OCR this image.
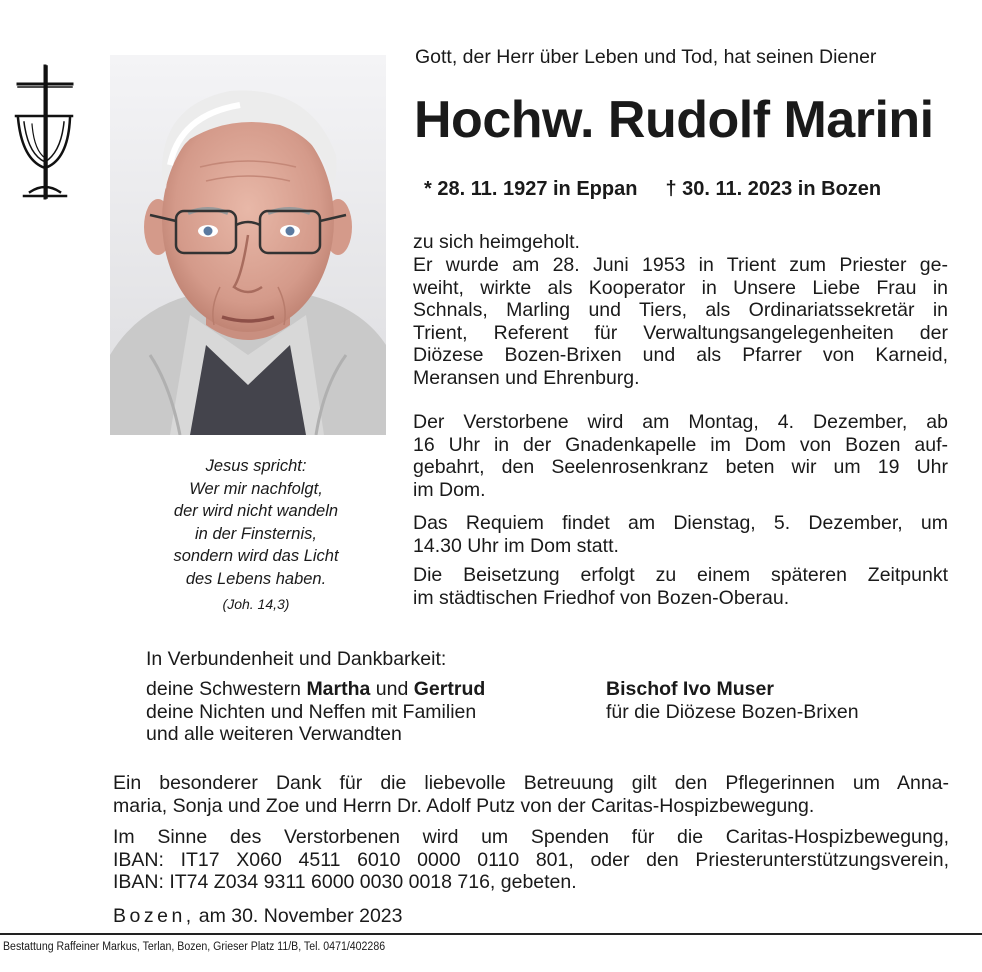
Jesus spricht:
Wer mir nachfolgt,
der wird nicht wandeln
in der Finsternis,
sondern wird das Licht
des Lebens haben.
(Joh. 14,3)
Gott, der Herr über Leben und Tod, hat seinen Diener
Hochw. Rudolf Marini
* 28. 11. 1927 in Eppan † 30. 11. 2023 in Bozen
zu sich heimgeholt.
Er wurde am 28. Juni 1953 in Trient zum Priester ge-
weiht, wirkte als Kooperator in Unsere Liebe Frau in
Schnals, Marling und Tiers, als Ordinariatssekretär in
Trient, Referent für Verwaltungsangelegenheiten der
Diözese Bozen-Brixen und als Pfarrer von Karneid,
Meransen und Ehrenburg.
Der Verstorbene wird am Montag, 4. Dezember, ab
16 Uhr in der Gnadenkapelle im Dom von Bozen auf-
gebahrt, den Seelenrosenkranz beten wir um 19 Uhr
im Dom.
Das Requiem findet am Dienstag, 5. Dezember, um
14.30 Uhr im Dom statt.
Die Beisetzung erfolgt zu einem späteren Zeitpunkt
im städtischen Friedhof von Bozen-Oberau.
In Verbundenheit und Dankbarkeit:
deine Schwestern Martha und Gertrud
deine Nichten und Neffen mit Familien
und alle weiteren Verwandten
Bischof Ivo Muser
für die Diözese Bozen-Brixen
Ein besonderer Dank für die liebevolle Betreuung gilt den Pflegerinnen um Anna-
maria, Sonja und Zoe und Herrn Dr. Adolf Putz von der Caritas-Hospizbewegung.
Im Sinne des Verstorbenen wird um Spenden für die Caritas-Hospizbewegung,
IBAN: IT17 X060 4511 6010 0000 0110 801, oder den Priesterunterstützungsverein,
IBAN: IT74 Z034 9311 6000 0030 0018 716, gebeten.
Bozen, am 30. November 2023
Bestattung Raffeiner Markus, Terlan, Bozen, Grieser Platz 11/B, Tel. 0471/402286
